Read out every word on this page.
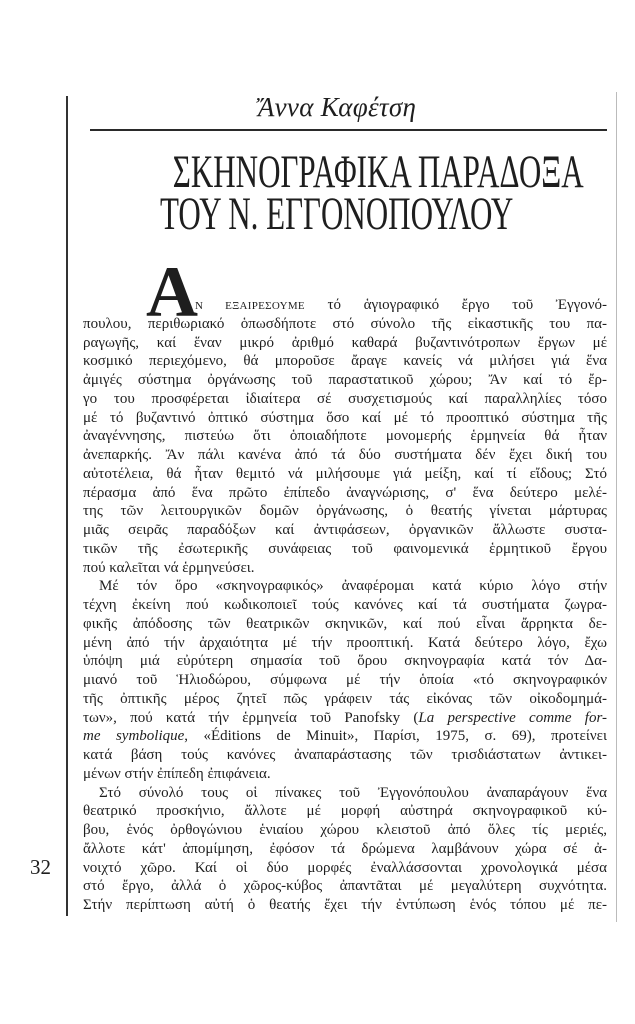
Ἄννα Καφέτση
ΣΚΗΝΟΓΡΑΦΙΚΑ ΠΑΡΑΔΟΞΑ
ΤΟΥ Ν. ΕΓΓΟΝΟΠΟΥΛΟΥ
A
Ν ΕΞΑΙΡΕΣΟΥΜΕ τό ἁγιογραφικό ἔργο τοῦ Ἐγγονό-
πουλου, περιθωριακό ὁπωσδήποτε στό σύνολο τῆς εἰκαστικῆς του πα-
ραγωγῆς, καί ἕναν μικρό ἀριθμό καθαρά βυζαντινότροπων ἔργων μέ
κοσμικό περιεχόμενο, θά μποροῦσε ἄραγε κανείς νά μιλήσει γιά ἕνα
ἀμιγές σύστημα ὀργάνωσης τοῦ παραστατικοῦ χώρου; Ἄν καί τό ἔρ-
γο του προσφέρεται ἰδιαίτερα σέ συσχετισμούς καί παραλληλίες τόσο
μέ τό βυζαντινό ὀπτικό σύστημα ὅσο καί μέ τό προοπτικό σύστημα τῆς
ἀναγέννησης, πιστεύω ὅτι ὁποιαδήποτε μονομερής ἑρμηνεία θά ἦταν
ἀνεπαρκής. Ἄν πάλι κανένα ἀπό τά δύο συστήματα δέν ἔχει δική του
αὐτοτέλεια, θά ἦταν θεμιτό νά μιλήσουμε γιά μείξη, καί τί εἴδους; Στό
πέρασμα ἀπό ἕνα πρῶτο ἐπίπεδο ἀναγνώρισης, σ' ἕνα δεύτερο μελέ-
της τῶν λειτουργικῶν δομῶν ὀργάνωσης, ὁ θεατής γίνεται μάρτυρας
μιᾶς σειρᾶς παραδόξων καί ἀντιφάσεων, ὀργανικῶν ἄλλωστε συστα-
τικῶν τῆς ἐσωτερικῆς συνάφειας τοῦ φαινομενικά ἑρμητικοῦ ἔργου
πού καλεῖται νά ἑρμηνεύσει.
Μέ τόν ὅρο «σκηνογραφικός» ἀναφέρομαι κατά κύριο λόγο στήν
τέχνη ἐκείνη πού κωδικοποιεῖ τούς κανόνες καί τά συστήματα ζωγρα-
φικῆς ἀπόδοσης τῶν θεατρικῶν σκηνικῶν, καί πού εἶναι ἄρρηκτα δε-
μένη ἀπό τήν ἀρχαιότητα μέ τήν προοπτική. Κατά δεύτερο λόγο, ἔχω
ὑπόψη μιά εὐρύτερη σημασία τοῦ ὅρου σκηνογραφία κατά τόν Δα-
μιανό τοῦ Ἡλιοδώρου, σύμφωνα μέ τήν ὁποία «τό σκηνογραφικόν
τῆς ὀπτικῆς μέρος ζητεῖ πῶς γράφειν τάς εἰκόνας τῶν οἰκοδομημά-
των», πού κατά τήν ἑρμηνεία τοῦ Panofsky (La perspective comme for-
me symbolique, «Éditions de Minuit», Παρίσι, 1975, σ. 69), προτείνει
κατά βάση τούς κανόνες ἀναπαράστασης τῶν τρισδιάστατων ἀντικει-
μένων στήν ἐπίπεδη ἐπιφάνεια.
Στό σύνολό τους οἱ πίνακες τοῦ Ἐγγονόπουλου ἀναπαράγουν ἕνα
θεατρικό προσκήνιο, ἄλλοτε μέ μορφή αὐστηρά σκηνογραφικοῦ κύ-
βου, ἑνός ὀρθογώνιου ἑνιαίου χώρου κλειστοῦ ἀπό ὅλες τίς μεριές,
ἄλλοτε κάτ' ἀπομίμηση, ἐφόσον τά δρώμενα λαμβάνουν χώρα σέ ἀ-
νοιχτό χῶρο. Καί οἱ δύο μορφές ἐναλλάσσονται χρονολογικά μέσα
στό ἔργο, ἀλλά ὁ χῶρος-κύβος ἀπαντᾶται μέ μεγαλύτερη συχνότητα.
Στήν περίπτωση αὐτή ὁ θεατής ἔχει τήν ἐντύπωση ἑνός τόπου μέ πε-
32
